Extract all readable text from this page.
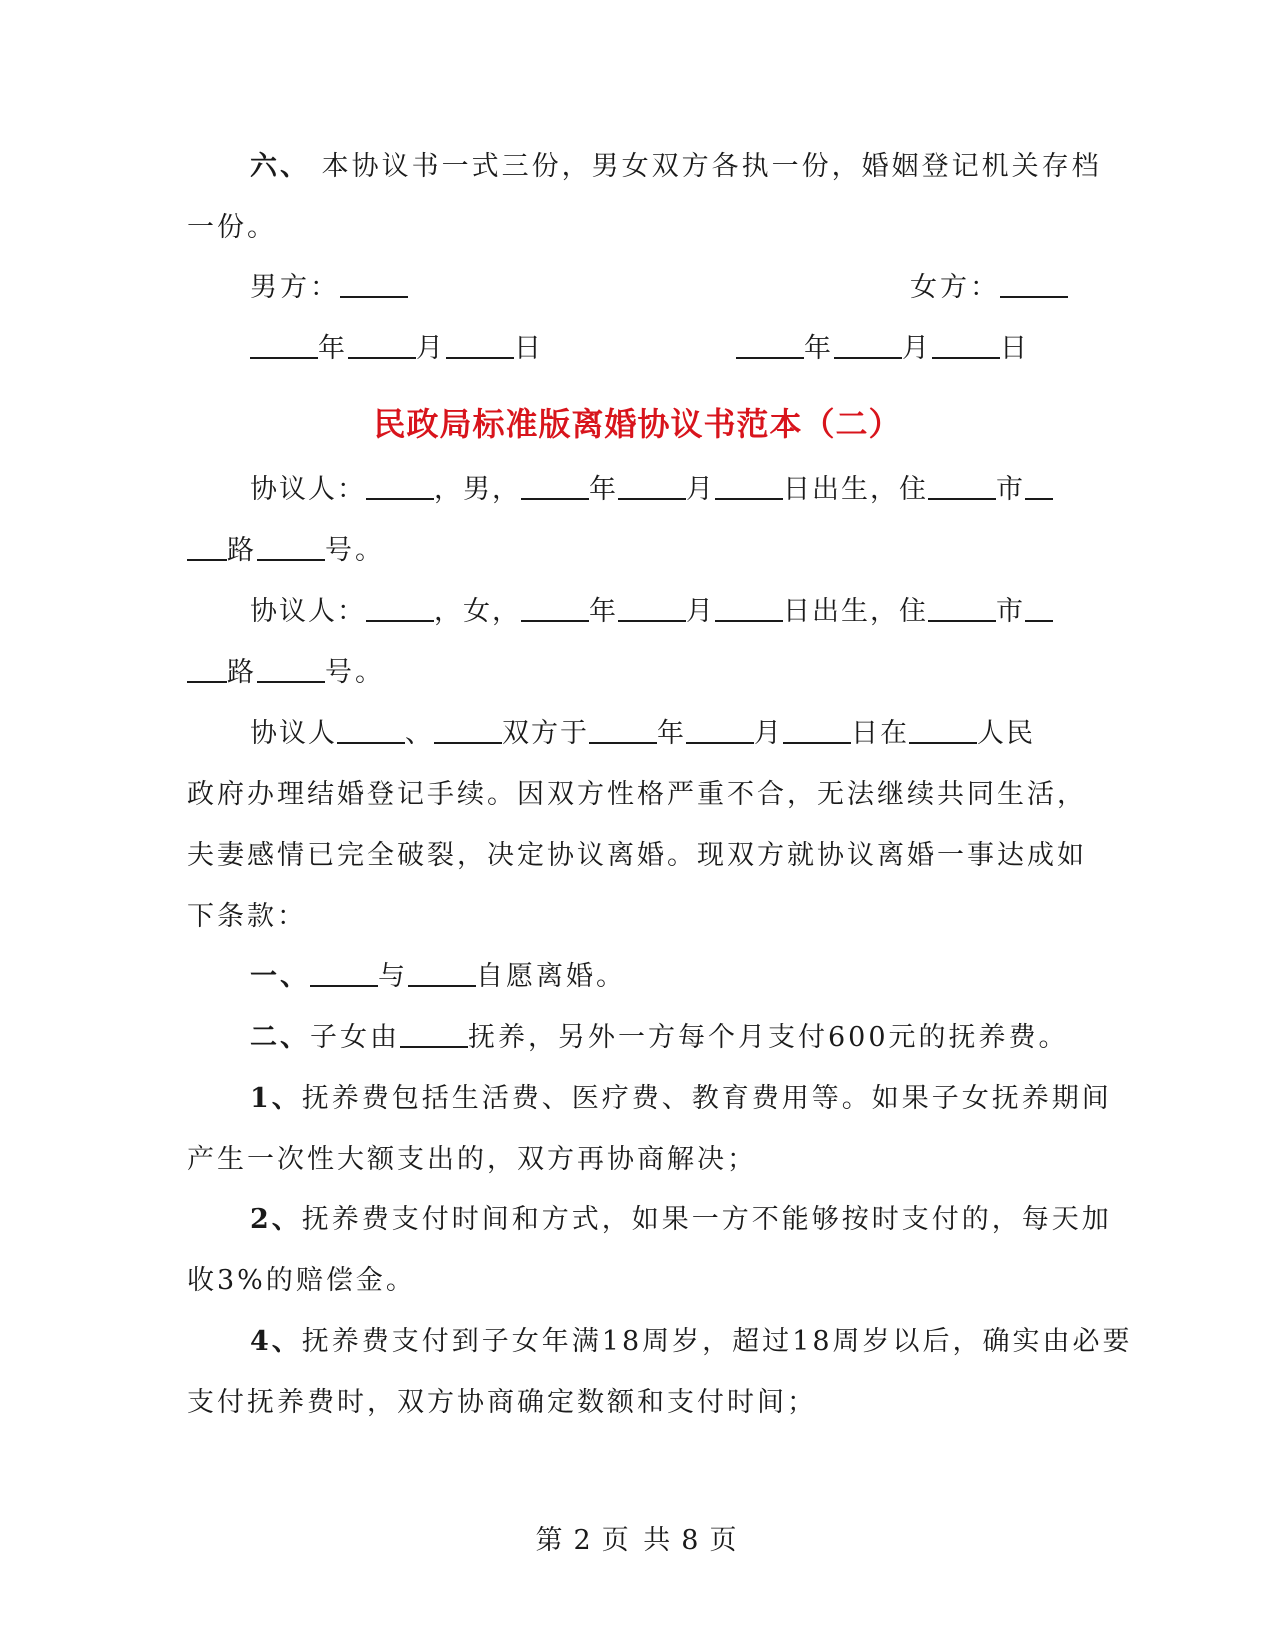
六、 本协议书一式三份，男女双方各执一份，婚姻登记机关存档
一份。
男方：	女方：
年	月	日	年	月	日
民政局标准版离婚协议书范本（二）
协议人：	，男，	年	月	日出生，住	市
路	号。
协议人：	，女，	年	月	日出生，住	市
路	号。
协议人	、	双方于	年	月	日在	人民
政府办理结婚登记手续。因双方性格严重不合，无法继续共同生活，
夫妻感情已完全破裂，决定协议离婚。现双方就协议离婚一事达成如
下条款：
一、	与	自愿离婚。
二、子女由	抚养，另外一方每个月支付600元的抚养费。
1、抚养费包括生活费、医疗费、教育费用等。如果子女抚养期间
产生一次性大额支出的，双方再协商解决；
2、抚养费支付时间和方式，如果一方不能够按时支付的，每天加
收3%的赔偿金。
4、抚养费支付到子女年满18周岁，超过18周岁以后，确实由必要
支付抚养费时，双方协商确定数额和支付时间；
第 2 页 共 8 页
